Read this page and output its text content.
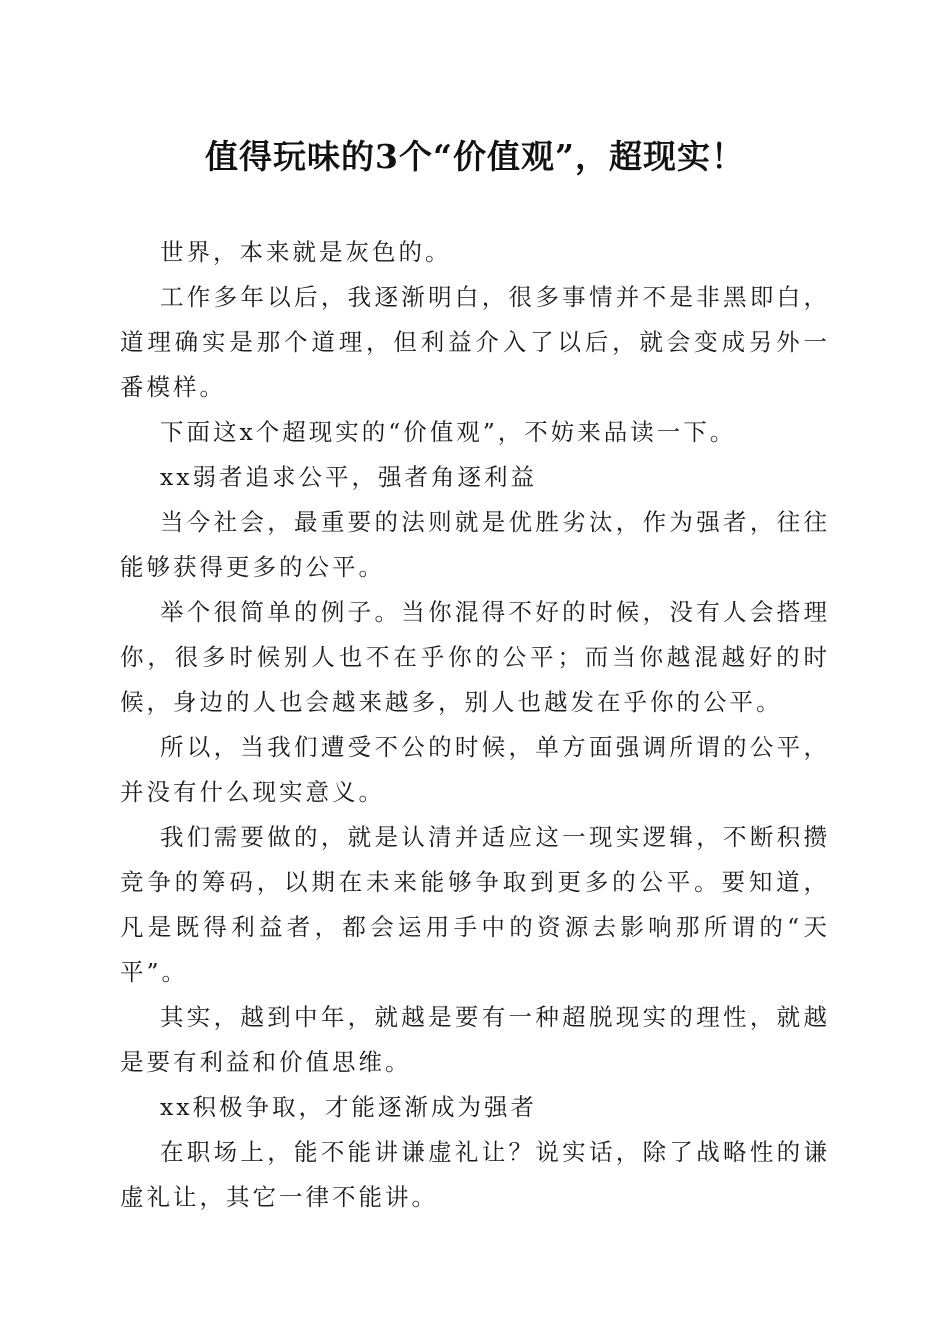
值得玩味的3个“价值观”，超现实！

世界，本来就是灰色的。

工作多年以后，我逐渐明白，很多事情并不是非黑即白，道理确实是那个道理，但利益介入了以后，就会变成另外一番模样。

下面这x个超现实的“价值观”，不妨来品读一下。

xx弱者追求公平，强者角逐利益

当今社会，最重要的法则就是优胜劣汰，作为强者，往往能够获得更多的公平。

举个很简单的例子。当你混得不好的时候，没有人会搭理你，很多时候别人也不在乎你的公平；而当你越混越好的时候，身边的人也会越来越多，别人也越发在乎你的公平。

所以，当我们遭受不公的时候，单方面强调所谓的公平，并没有什么现实意义。

我们需要做的，就是认清并适应这一现实逻辑，不断积攒竞争的筹码，以期在未来能够争取到更多的公平。要知道，凡是既得利益者，都会运用手中的资源去影响那所谓的“天平”。

其实，越到中年，就越是要有一种超脱现实的理性，就越是要有利益和价值思维。

xx积极争取，才能逐渐成为强者

在职场上，能不能讲谦虚礼让？说实话，除了战略性的谦虚礼让，其它一律不能讲。
